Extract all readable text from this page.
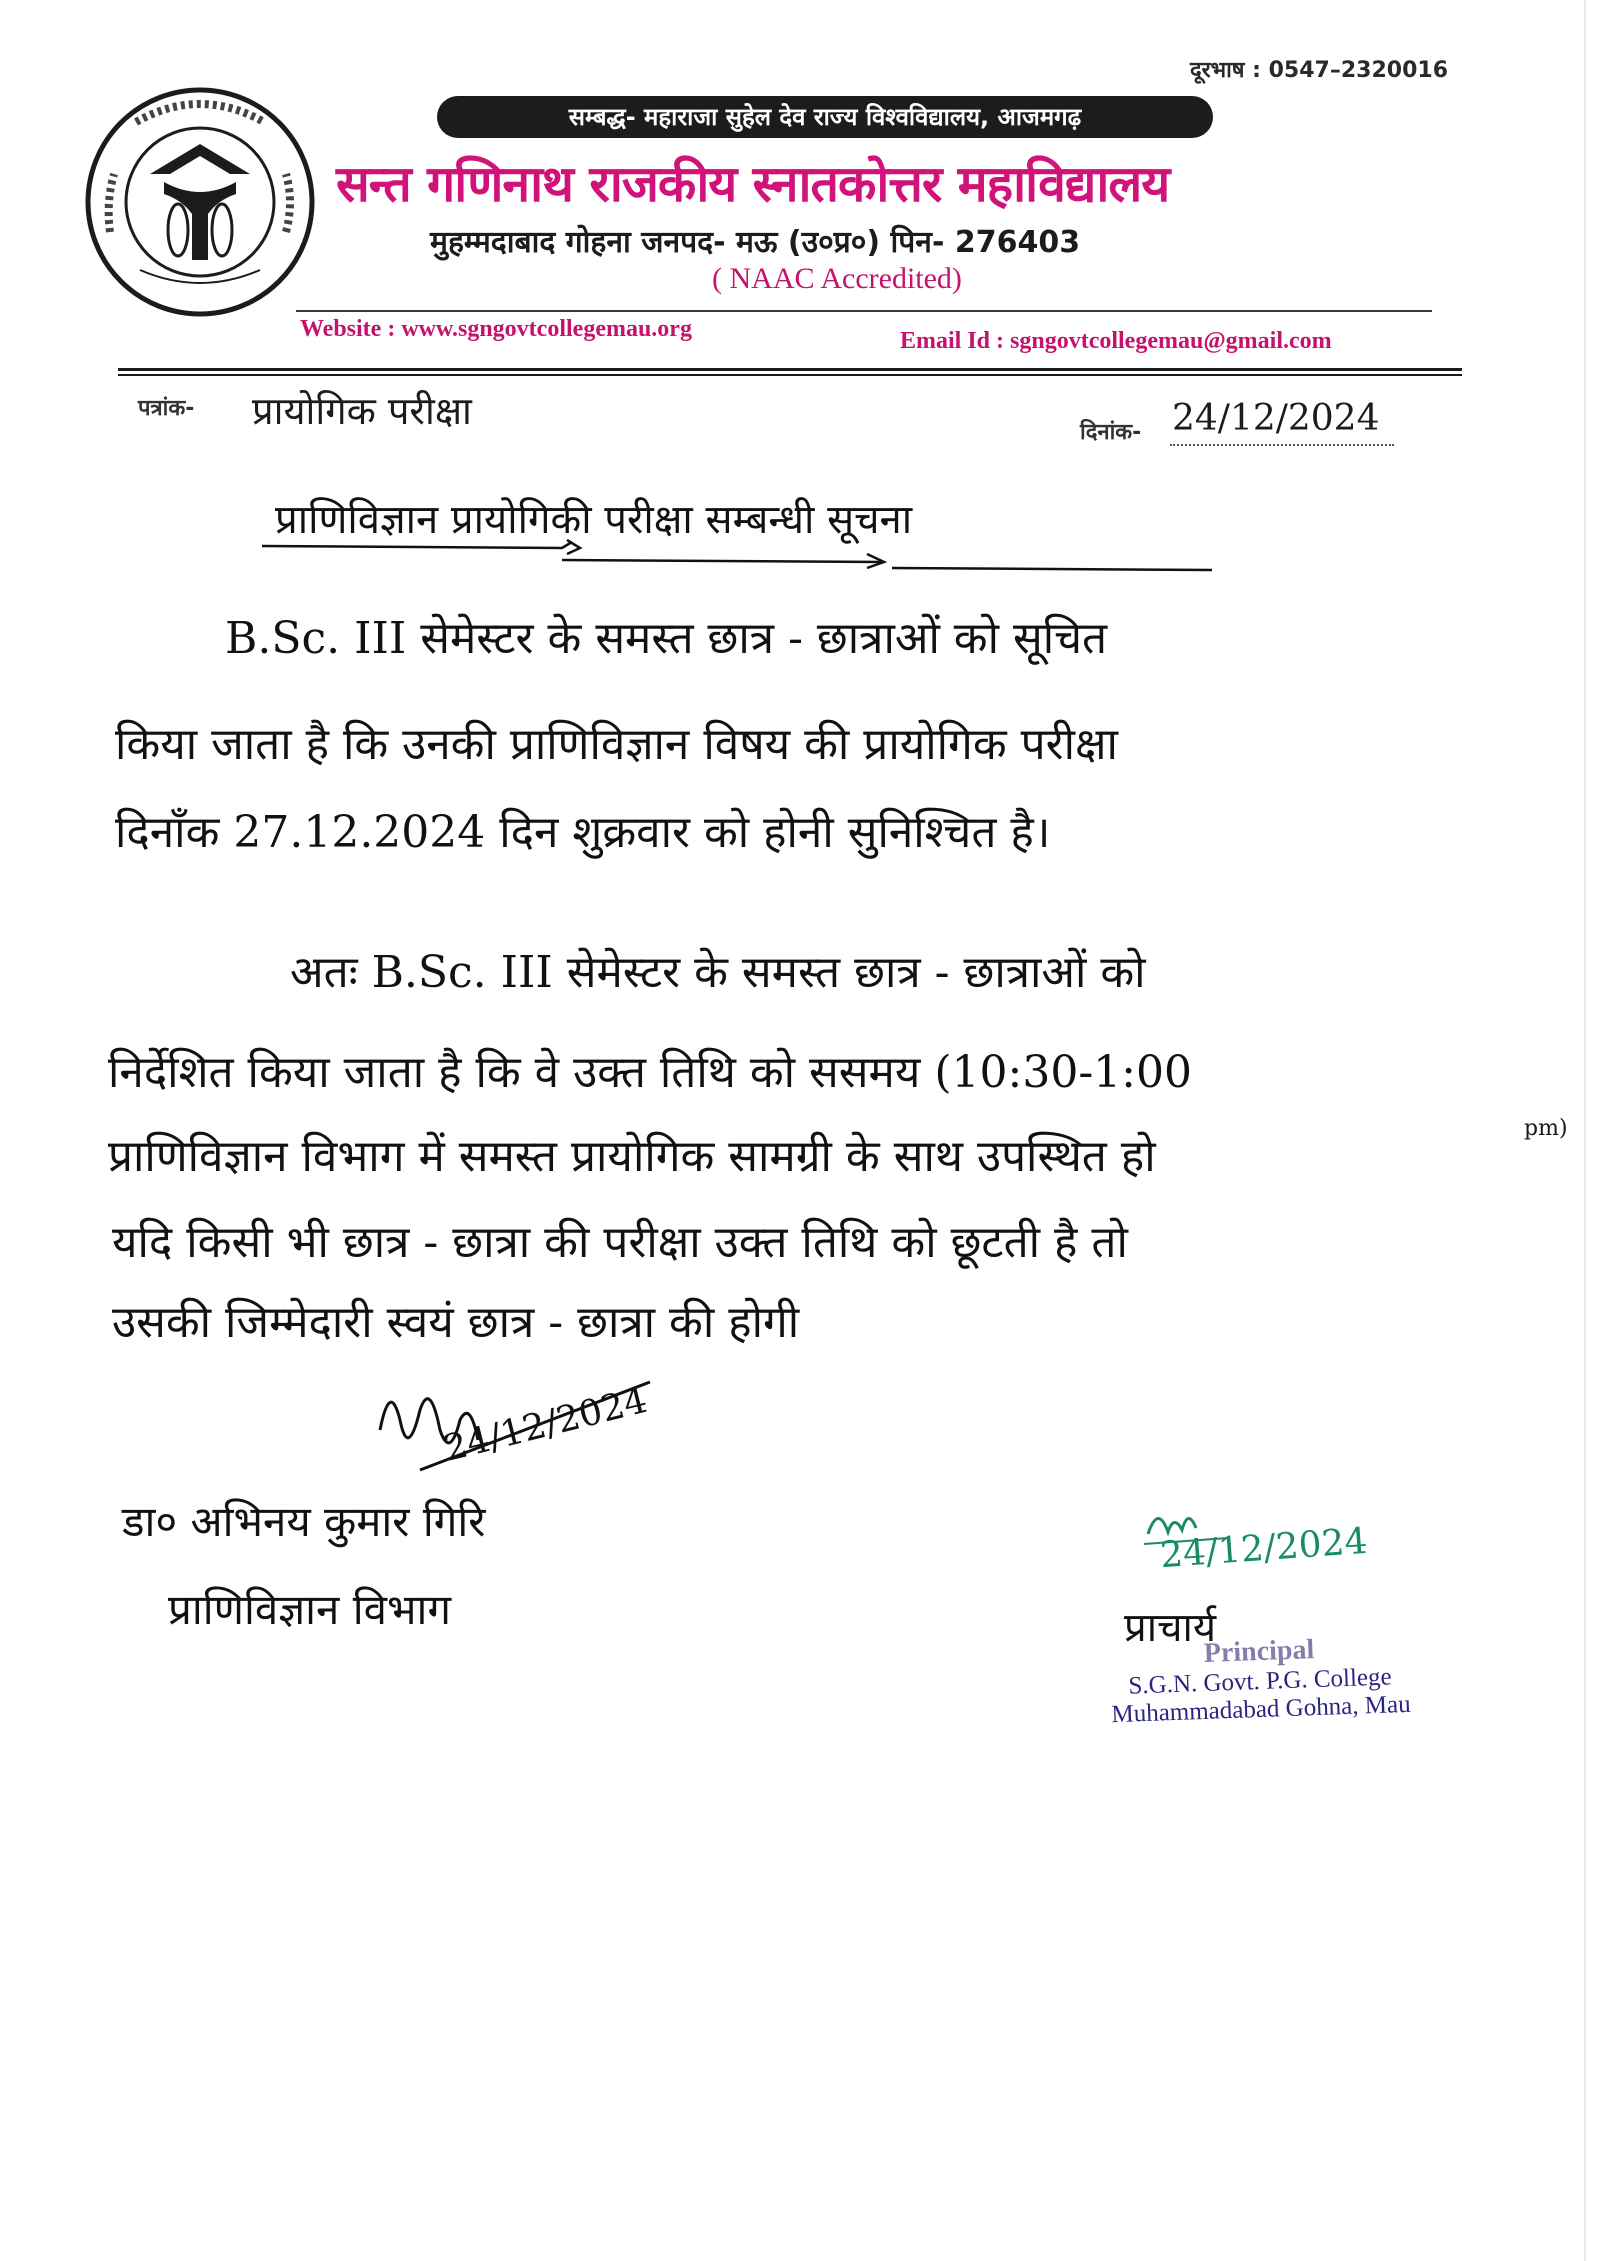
दूरभाष : 0547–2320016
सम्बद्ध- महाराजा सुहेल देव राज्य विश्वविद्यालय, आजमगढ़
सन्त गणिनाथ राजकीय स्नातकोत्तर महाविद्यालय
मुहम्मदाबाद गोहना जनपद- मऊ (उ०प्र०) पिन- 276403
( NAAC Accredited)
Website : www.sgngovtcollegemau.org	Email Id : sgngovtcollegemau@gmail.com
पत्रांक- प्रायोगिक परीक्षा	दिनांक- 24/12/2024
प्राणिविज्ञान प्रायोगिकी परीक्षा सम्बन्धी सूचना
B.Sc. III सेमेस्टर के समस्त छात्र - छात्राओं को सूचित
किया जाता है कि उनकी प्राणिविज्ञान विषय की प्रायोगिक परीक्षा
दिनाँक 27.12.2024 दिन शुक्रवार को होनी सुनिश्चित है।
अतः B.Sc. III सेमेस्टर के समस्त छात्र - छात्राओं को
निर्देशित किया जाता है कि वे उक्त तिथि को ससमय (10:30-1:00
pm)
प्राणिविज्ञान विभाग में समस्त प्रायोगिक सामग्री के साथ उपस्थित हो
यदि किसी भी छात्र - छात्रा की परीक्षा उक्त तिथि को छूटती है तो
उसकी जिम्मेदारी स्वयं छात्र - छात्रा की होगी
24/12/2024
डा० अभिनय कुमार गिरि
प्राणिविज्ञान विभाग
24/12/2024
प्राचार्य
Principal
S.G.N. Govt. P.G. College
Muhammadabad Gohna, Mau
